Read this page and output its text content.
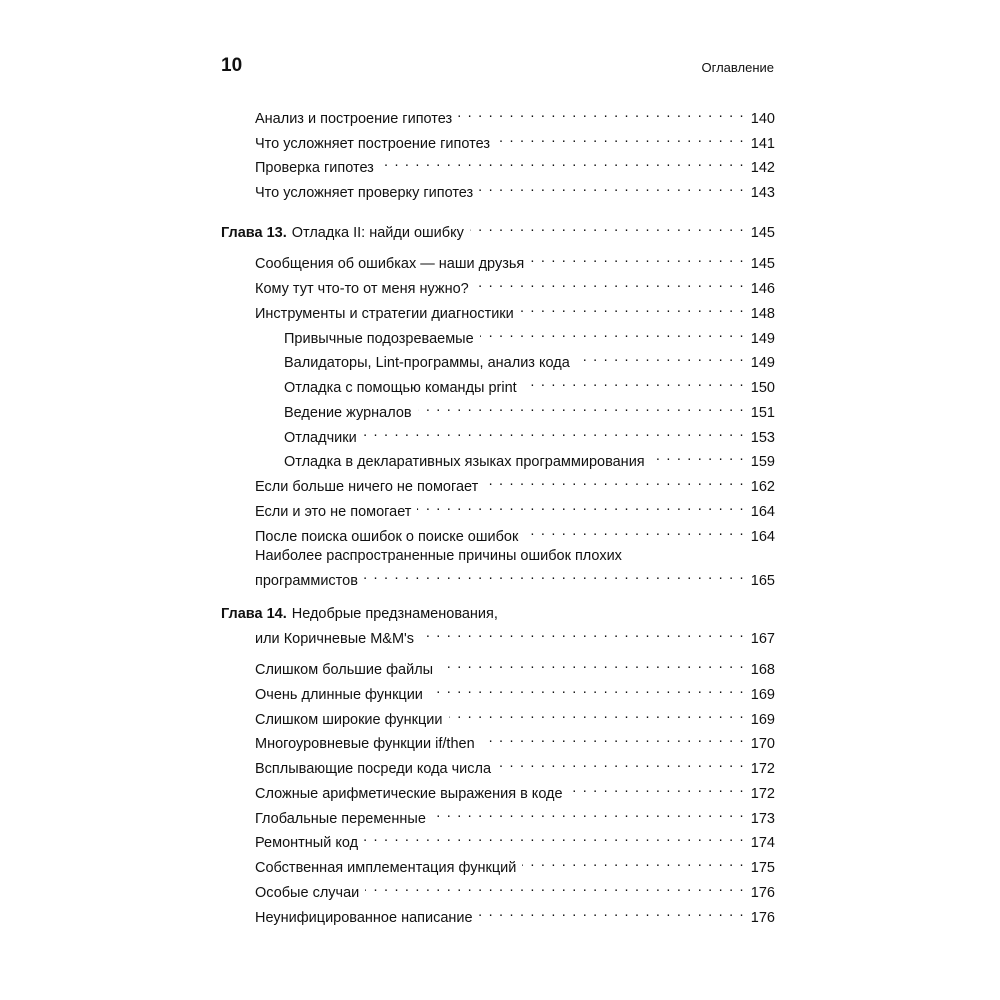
10	Оглавление
Анализ и построение гипотез . . .	140
Что усложняет построение гипотез . . .	141
Проверка гипотез . . .	142
Что усложняет проверку гипотез . . .	143
Глава 13. Отладка II: найди ошибку . . .	145
Сообщения об ошибках — наши друзья . . .	145
Кому тут что-то от меня нужно? . . .	146
Инструменты и стратегии диагностики . . .	148
Привычные подозреваемые . . .	149
Валидаторы, Lint-программы, анализ кода . . .	149
Отладка с помощью команды print . . .	150
Ведение журналов . . .	151
Отладчики . . .	153
Отладка в декларативных языках программирования . . .	159
Если больше ничего не помогает . . .	162
Если и это не помогает . . .	164
После поиска ошибок о поиске ошибок . . .	164
Наиболее распространенные причины ошибок плохих
программистов . . .	165
Глава 14. Недобрые предзнаменования,
или Коричневые M&M's . . .	167
Слишком большие файлы . . .	168
Очень длинные функции . . .	169
Слишком широкие функции . . .	169
Многоуровневые функции if/then . . .	170
Всплывающие посреди кода числа . . .	172
Сложные арифметические выражения в коде . . .	172
Глобальные переменные . . .	173
Ремонтный код . . .	174
Собственная имплементация функций . . .	175
Особые случаи . . .	176
Неунифицированное написание . . .	176
